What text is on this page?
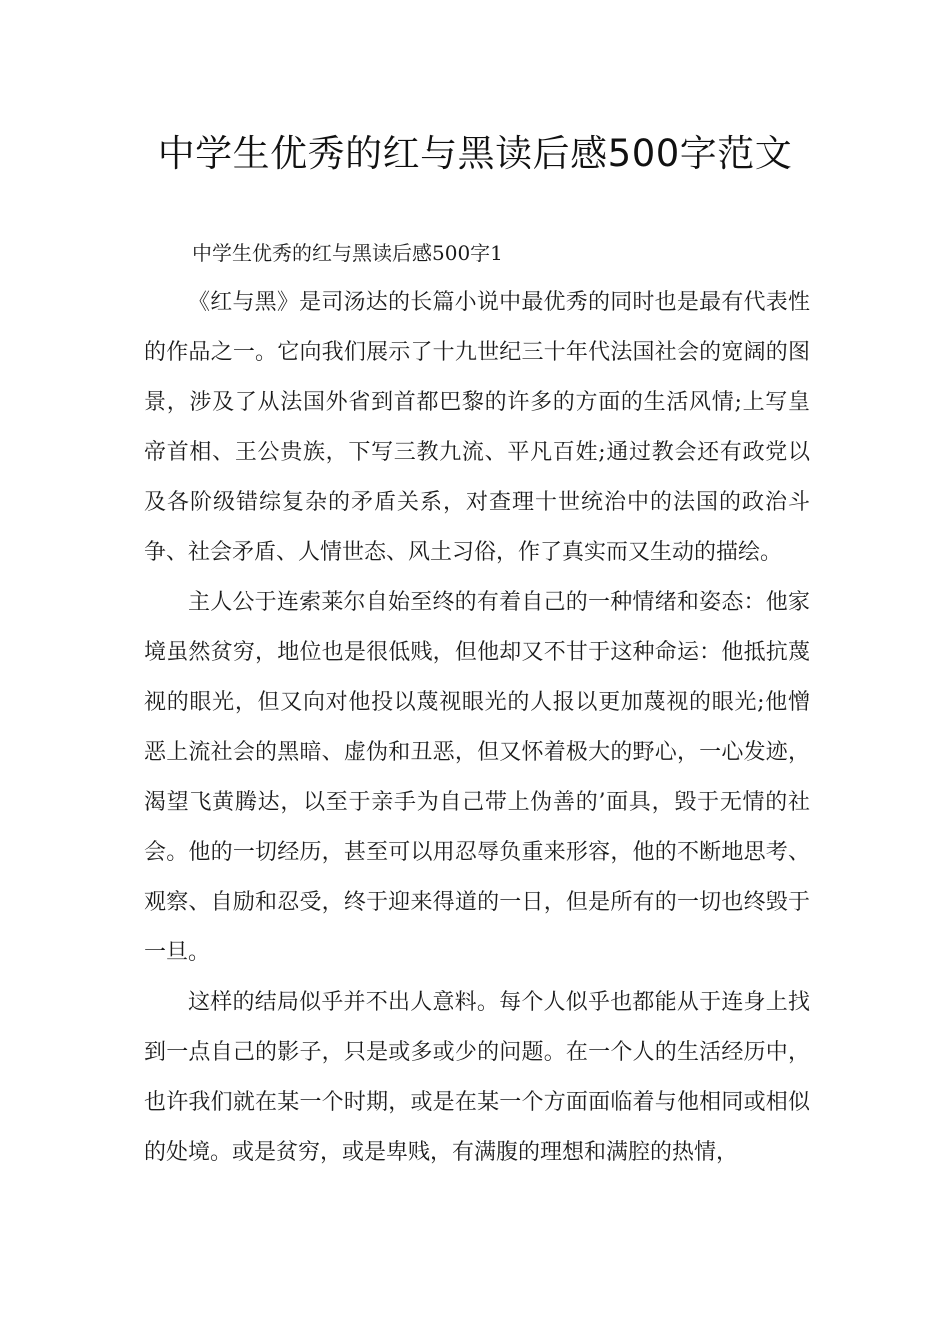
中学生优秀的红与黑读后感500字范文

中学生优秀的红与黑读后感500字1

《红与黑》是司汤达的长篇小说中最优秀的同时也是最有代表性的作品之一。它向我们展示了十九世纪三十年代法国社会的宽阔的图景，涉及了从法国外省到首都巴黎的许多的方面的生活风情;上写皇帝首相、王公贵族，下写三教九流、平凡百姓;通过教会还有政党以及各阶级错综复杂的矛盾关系，对查理十世统治中的法国的政治斗争、社会矛盾、人情世态、风土习俗，作了真实而又生动的描绘。

主人公于连索莱尔自始至终的有着自己的一种情绪和姿态：他家境虽然贫穷，地位也是很低贱，但他却又不甘于这种命运：他抵抗蔑视的眼光，但又向对他投以蔑视眼光的人报以更加蔑视的眼光;他憎恶上流社会的黑暗、虚伪和丑恶，但又怀着极大的野心，一心发迹，渴望飞黄腾达，以至于亲手为自己带上伪善的’面具，毁于无情的社会。他的一切经历，甚至可以用忍辱负重来形容，他的不断地思考、观察、自励和忍受，终于迎来得道的一日，但是所有的一切也终毁于一旦。

这样的结局似乎并不出人意料。每个人似乎也都能从于连身上找到一点自己的影子，只是或多或少的问题。在一个人的生活经历中，也许我们就在某一个时期，或是在某一个方面面临着与他相同或相似的处境。或是贫穷，或是卑贱，有满腹的理想和满腔的热情，
